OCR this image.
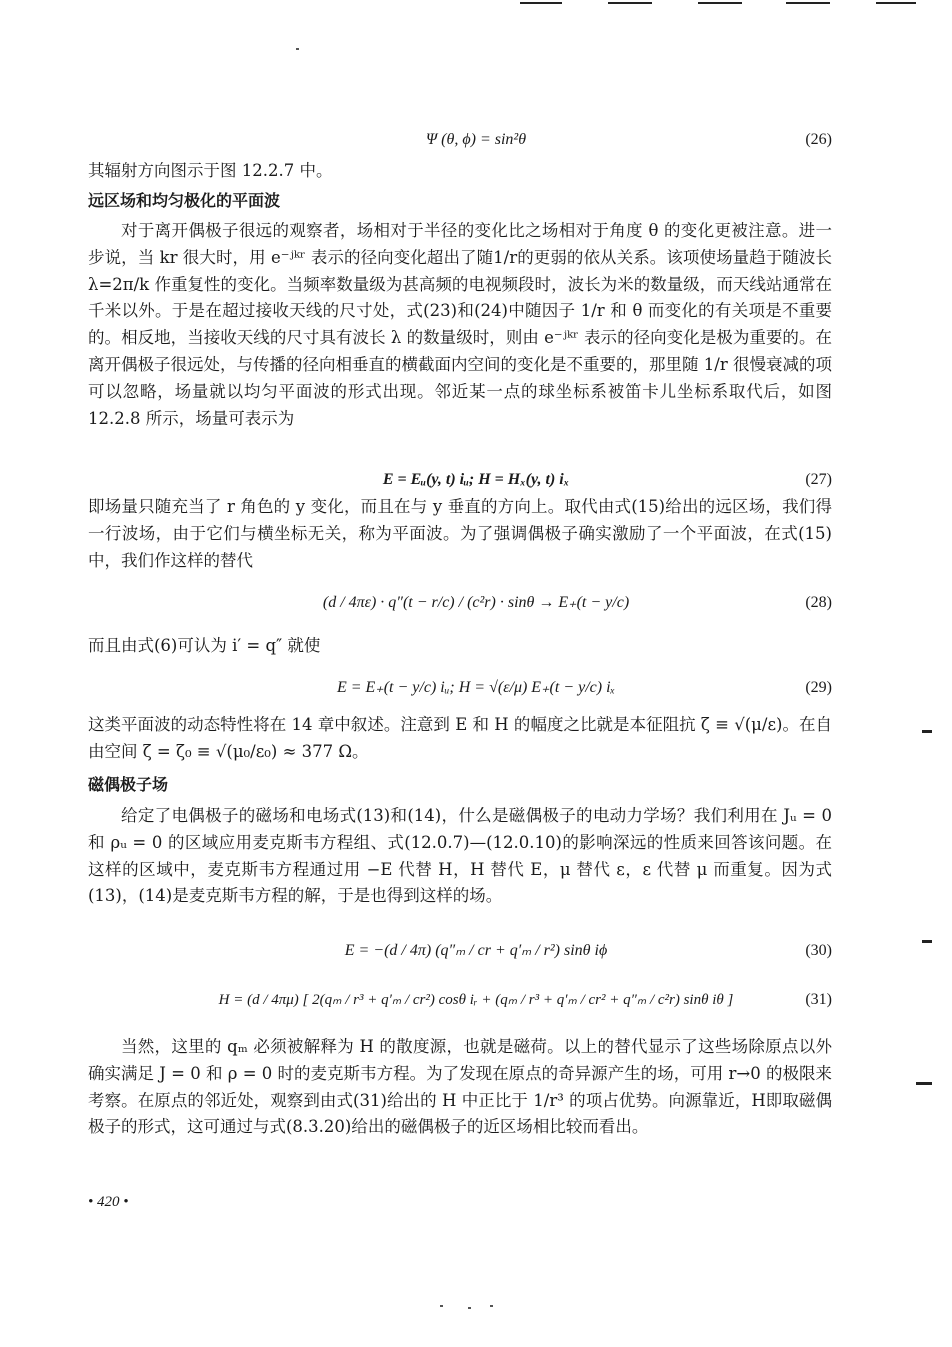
Ψ (θ, ϕ) = sin²θ	(26)
其辐射方向图示于图 12.2.7 中。
远区场和均匀极化的平面波
对于离开偶极子很远的观察者，场相对于半径的变化比之场相对于角度 θ 的变化更被注意。进一步说，当 kr 很大时，用 e⁻ʲᵏʳ 表示的径向变化超出了随1/r的更弱的依从关系。该项使场量趋于随波长 λ=2π/k 作重复性的变化。当频率数量级为甚高频的电视频段时，波长为米的数量级，而天线站通常在千米以外。于是在超过接收天线的尺寸处，式(23)和(24)中随因子 1/r 和 θ 而变化的有关项是不重要的。相反地，当接收天线的尺寸具有波长 λ 的数量级时，则由 e⁻ʲᵏʳ 表示的径向变化是极为重要的。在离开偶极子很远处，与传播的径向相垂直的横截面内空间的变化是不重要的，那里随 1/r 很慢衰减的项可以忽略，场量就以均匀平面波的形式出现。邻近某一点的球坐标系被笛卡儿坐标系取代后，如图 12.2.8 所示，场量可表示为
E = Eᵤ(y, t) iᵤ; H = Hₓ(y, t) iₓ	(27)
即场量只随充当了 r 角色的 y 变化，而且在与 y 垂直的方向上。取代由式(15)给出的远区场，我们得一行波场，由于它们与横坐标无关，称为平面波。为了强调偶极子确实激励了一个平面波，在式(15)中，我们作这样的替代
(d / 4πε) · q″(t − r/c) / (c²r) · sinθ → E₊(t − y/c)	(28)
而且由式(6)可认为 i′ = q″ 就使
E = E₊(t − y/c) iᵤ; H = √(ε/μ) E₊(t − y/c) iₓ	(29)
这类平面波的动态特性将在 14 章中叙述。注意到 E 和 H 的幅度之比就是本征阻抗 ζ ≡ √(μ/ε)。在自由空间 ζ = ζ₀ ≡ √(μ₀/ε₀) ≈ 377 Ω。
磁偶极子场
给定了电偶极子的磁场和电场式(13)和(14)，什么是磁偶极子的电动力学场？我们利用在 Jᵤ = 0 和 ρᵤ = 0 的区域应用麦克斯韦方程组、式(12.0.7)—(12.0.10)的影响深远的性质来回答该问题。在这样的区域中，麦克斯韦方程通过用 −E 代替 H，H 替代 E，μ 替代 ε，ε 代替 μ 而重复。因为式(13)，(14)是麦克斯韦方程的解，于是也得到这样的场。
E = −(d / 4π) (q″ₘ / cr + q′ₘ / r²) sinθ iϕ	(30)
H = (d / 4πμ) [ 2(qₘ / r³ + q′ₘ / cr²) cosθ iᵣ + (qₘ / r³ + q′ₘ / cr² + q″ₘ / c²r) sinθ iθ ]	(31)
当然，这里的 qₘ 必须被解释为 H 的散度源，也就是磁荷。以上的替代显示了这些场除原点以外确实满足 J = 0 和 ρ = 0 时的麦克斯韦方程。为了发现在原点的奇异源产生的场，可用 r→0 的极限来考察。在原点的邻近处，观察到由式(31)给出的 H 中正比于 1/r³ 的项占优势。向源靠近，H即取磁偶极子的形式，这可通过与式(8.3.20)给出的磁偶极子的近区场相比较而看出。
• 420 •
